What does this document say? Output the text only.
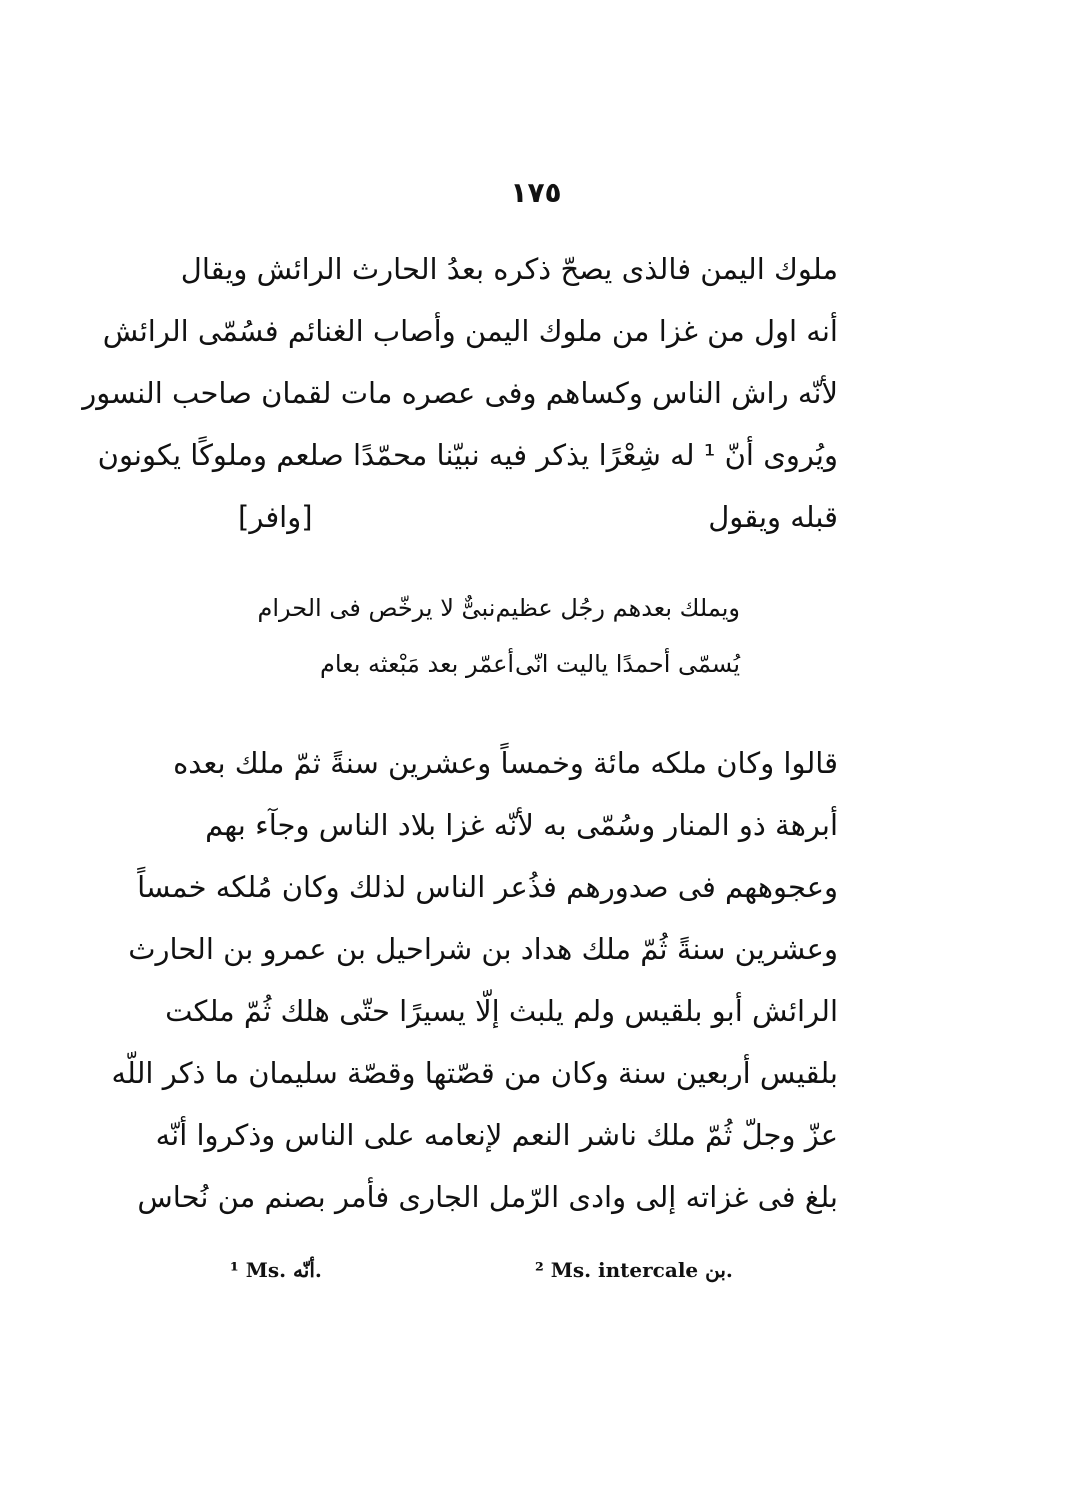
١٧٥
ملوك اليمن فالذى يصحّ ذكره بعدُ الحارث الرائش ويقال
أنه اول من غزا من ملوك اليمن وأصاب الغنائم فسُمّى الرائش
لأنّه راش الناس وكساهم وفى عصره مات لقمان صاحب النسور
ويُروى أنّ ¹ له شِعْرًا يذكر فيه نبيّنا محمّدًا صلعم وملوكًا يكونون
قبله ويقول
[وافر]
ويملك بعدهم رجُل عظيم
نبىٌّ لا يرخّص فى الحرام
يُسمّى أحمدًا ياليت انّى
أعمّر بعد مَبْعثه بعام
قالوا وكان ملكه مائة وخمساً وعشرين سنةً ثمّ ملك بعده
أبرهة ذو المنار وسُمّى به لأنّه غزا بلاد الناس وجآء بهم
وعجوههم فى صدورهم فذُعر الناس لذلك وكان مُلكه خمساً
وعشرين سنةً ثُمّ ملك هداد بن شراحيل بن عمرو بن الحارث
الرائش أبو بلقيس ولم يلبث إلّا يسيرًا حتّى هلك ثُمّ ملكت
بلقيس أربعين سنة وكان من قصّتها وقصّة سليمان ما ذكر اللّه
عزّ وجلّ ثُمّ ملك ناشر النعم لإنعامه على الناس وذكروا أنّه
بلغ فى غزاته إلى وادى الرّمل الجارى فأمر بصنم من نُحاس
¹ Ms. أنّه.	² Ms. intercale بن.
